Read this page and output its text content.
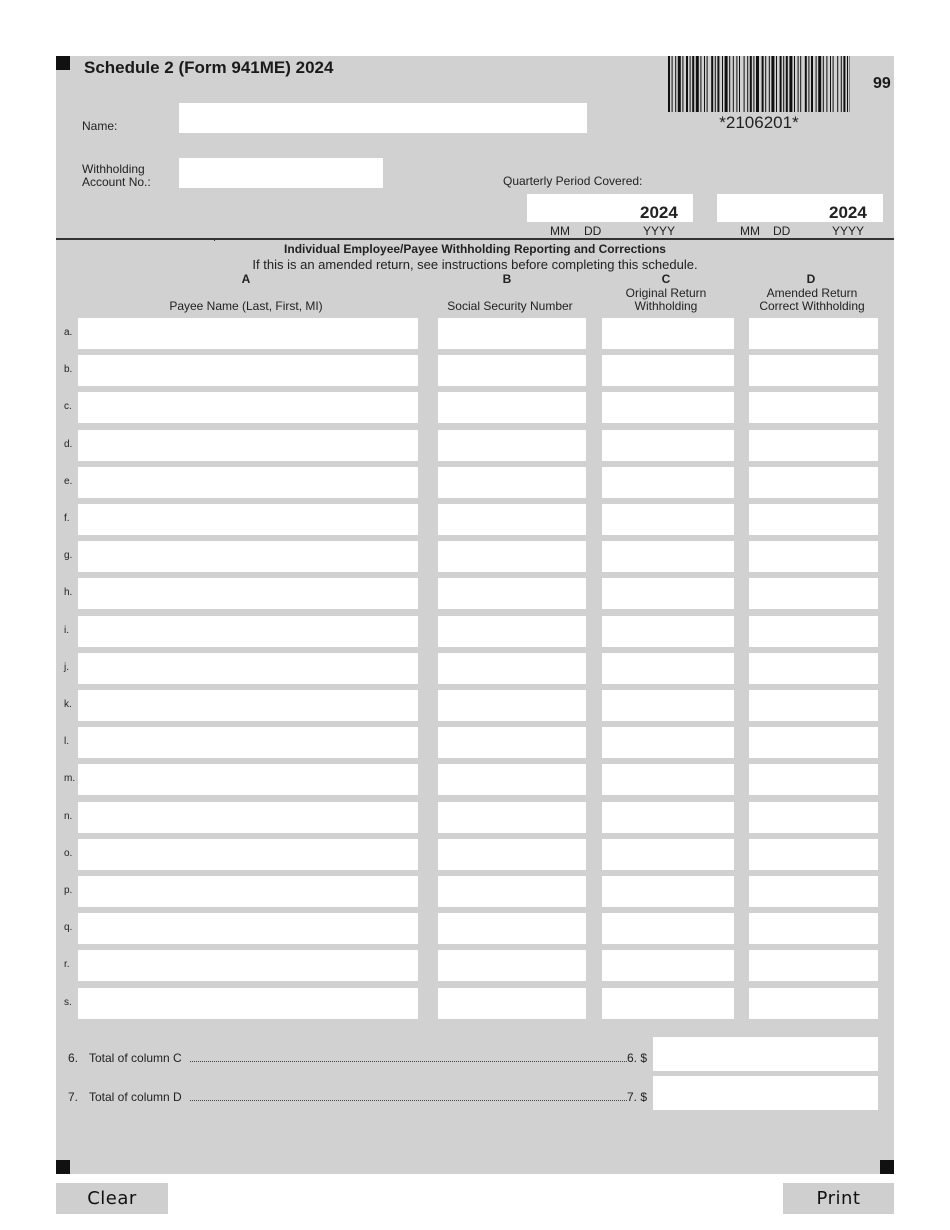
Schedule 2 (Form 941ME) 2024
99
*2106201*
Name:
Withholding
Account No.:	Quarterly Period Covered:
2024
MM DD	YYYY
2024
MM DD	YYYY
Individual Employee/Payee Withholding Reporting and Corrections
If this is an amended return, see instructions before completing this schedule.
A	B	C	D
Payee Name (Last, First, MI)	Social Security Number
Original Return
Withholding
Amended Return
Correct Withholding
a.
b.
c.
d.
e.
f.
g.
h.
i.
j.
k.
l.
m.
n.
o.
p.
q.
r.
s.
6. Total of column C	6. $
7. Total of column D	7. $
Clear	Print
